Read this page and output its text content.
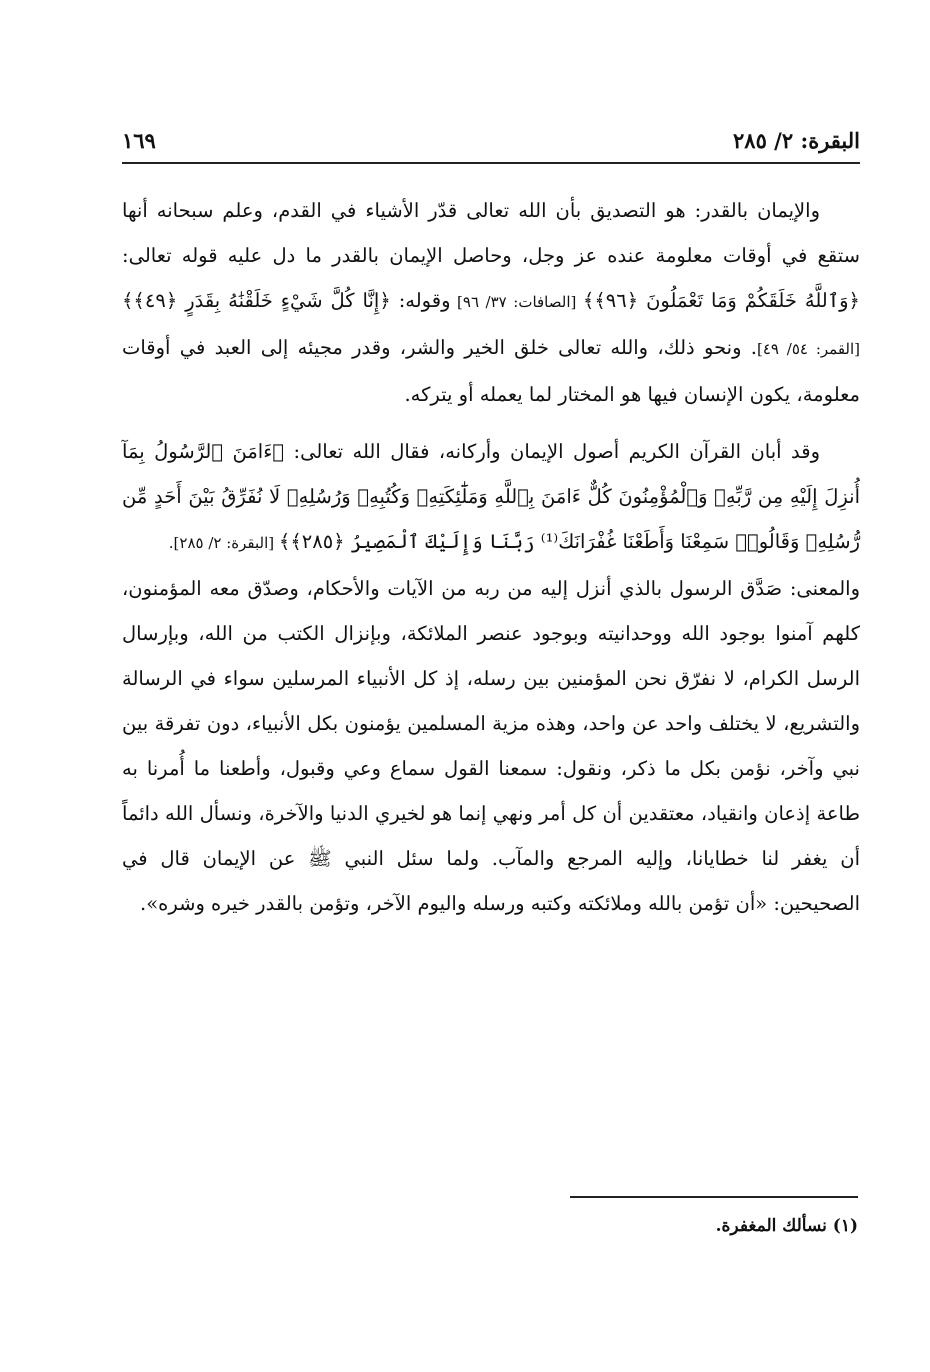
البقرة: ٢/ ٢٨٥
١٦٩

والإيمان بالقدر: هو التصديق بأن الله تعالى قدّر الأشياء في القدم، وعلم سبحانه أنها ستقع في أوقات معلومة عنده عز وجل، وحاصل الإيمان بالقدر ما دل عليه قوله تعالى: ﴿وَٱللَّهُ خَلَقَكُمْ وَمَا تَعْمَلُونَ ﴿٩٦﴾﴾ [الصافات: ٣٧/ ٩٦] وقوله: ﴿إِنَّا كُلَّ شَيْءٍ خَلَقْنَٰهُ بِقَدَرٍ ﴿٤٩﴾﴾ [القمر: ٥٤/ ٤٩]. ونحو ذلك، والله تعالى خلق الخير والشر، وقدر مجيئه إلى العبد في أوقات معلومة، يكون الإنسان فيها هو المختار لما يعمله أو يتركه.

وقد أبان القرآن الكريم أصول الإيمان وأركانه، فقال الله تعالى: ﴿ءَامَنَ ٱلرَّسُولُ بِمَآ أُنزِلَ إِلَيْهِ مِن رَّبِّهِۦ وَٱلْمُؤْمِنُونَ كُلٌّ ءَامَنَ بِٱللَّهِ وَمَلَٰٓئِكَتِهِۦ وَكُتُبِهِۦ وَرُسُلِهِۦ لَا نُفَرِّقُ بَيْنَ أَحَدٍ مِّن رُّسُلِهِۦ وَقَالُوا۟ سَمِعْنَا وَأَطَعْنَا غُفْرَانَكَ⁽¹⁾ رَبَّنَا وَإِلَيْكَ ٱلْمَصِيرُ ﴿٢٨٥﴾﴾ [البقرة: ٢/ ٢٨٥].

والمعنى: صَدَّق الرسول بالذي أنزل إليه من ربه من الآيات والأحكام، وصدّق معه المؤمنون، كلهم آمنوا بوجود الله ووحدانيته وبوجود عنصر الملائكة، وبإنزال الكتب من الله، وبإرسال الرسل الكرام، لا نفرّق نحن المؤمنين بين رسله، إذ كل الأنبياء المرسلين سواء في الرسالة والتشريع، لا يختلف واحد عن واحد، وهذه مزية المسلمين يؤمنون بكل الأنبياء، دون تفرقة بين نبي وآخر، نؤمن بكل ما ذكر، ونقول: سمعنا القول سماع وعي وقبول، وأطعنا ما أُمرنا به طاعة إذعان وانقياد، معتقدين أن كل أمر ونهي إنما هو لخيري الدنيا والآخرة، ونسأل الله دائماً أن يغفر لنا خطايانا، وإليه المرجع والمآب. ولما سئل النبي ﷺ عن الإيمان قال في الصحيحين: «أن تؤمن بالله وملائكته وكتبه ورسله واليوم الآخر، وتؤمن بالقدر خيره وشره».

(١) نسألك المغفرة.
